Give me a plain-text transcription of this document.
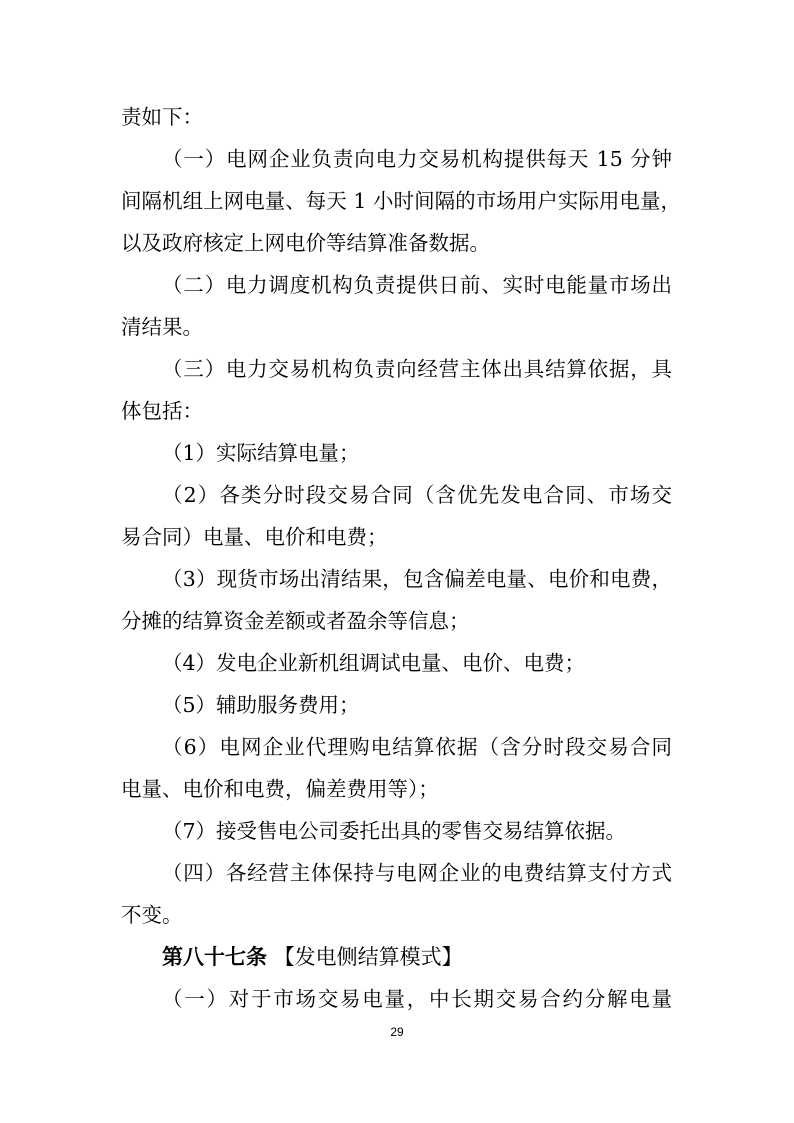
责如下：
（一）电网企业负责向电力交易机构提供每天 15 分钟
间隔机组上网电量、每天 1 小时间隔的市场用户实际用电量，
以及政府核定上网电价等结算准备数据。
（二）电力调度机构负责提供日前、实时电能量市场出
清结果。
（三）电力交易机构负责向经营主体出具结算依据，具
体包括：
（1）实际结算电量；
（2）各类分时段交易合同（含优先发电合同、市场交
易合同）电量、电价和电费；
（3）现货市场出清结果，包含偏差电量、电价和电费，
分摊的结算资金差额或者盈余等信息；
（4）发电企业新机组调试电量、电价、电费；
（5）辅助服务费用；
（6）电网企业代理购电结算依据（含分时段交易合同
电量、电价和电费，偏差费用等）；
（7）接受售电公司委托出具的零售交易结算依据。
（四）各经营主体保持与电网企业的电费结算支付方式
不变。
第八十七条 【发电侧结算模式】
（一）对于市场交易电量，中长期交易合约分解电量
29
